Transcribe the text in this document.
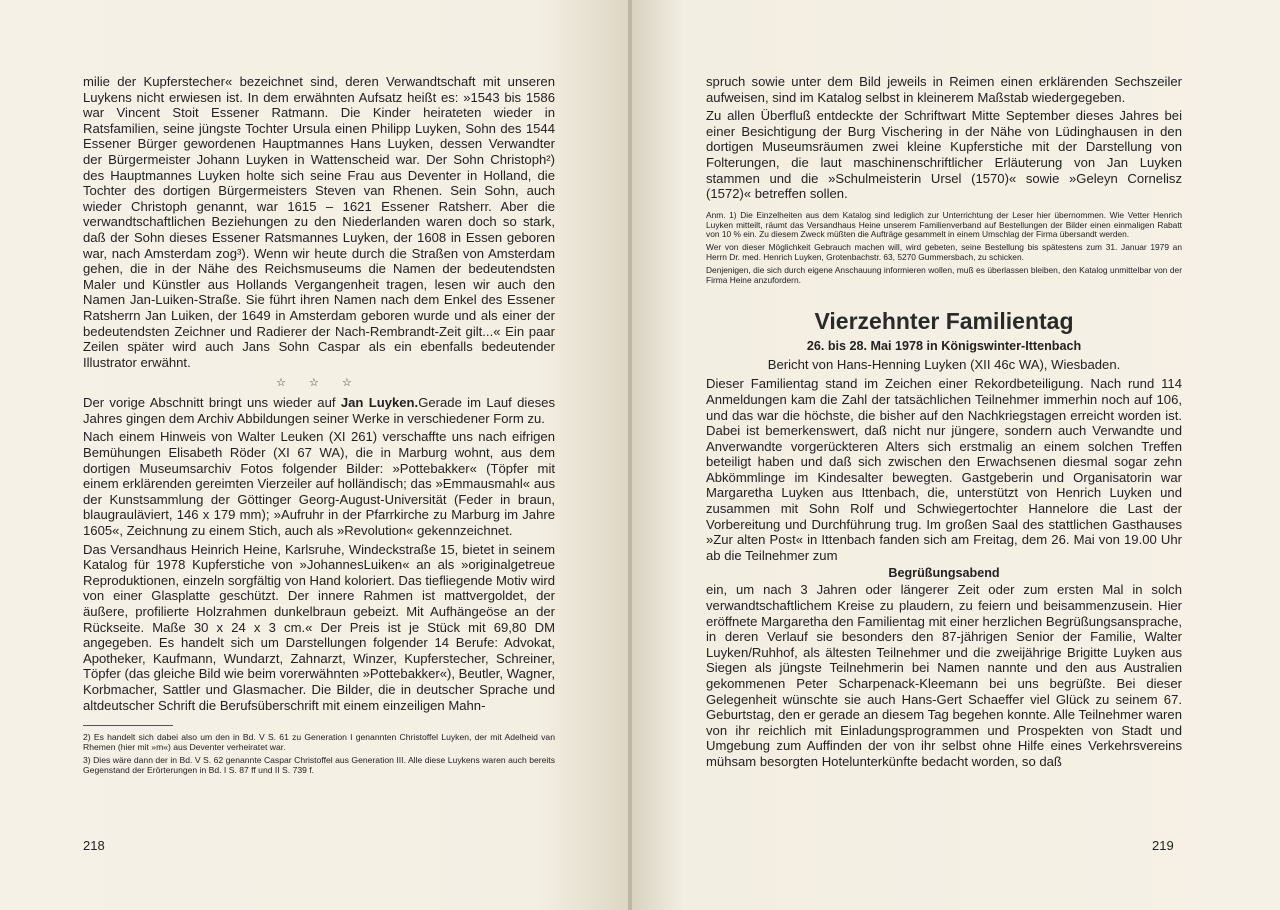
milie der Kupferstecher« bezeichnet sind, deren Verwandtschaft mit unseren Luykens nicht erwiesen ist. In dem erwähnten Aufsatz heißt es: »1543 bis 1586 war Vincent Stoit Essener Ratmann. Die Kinder heirateten wieder in Ratsfamilien, seine jüngste Tochter Ursula einen Philipp Luyken, Sohn des 1544 Essener Bürger gewordenen Hauptmannes Hans Luyken, dessen Verwandter der Bürgermeister Johann Luyken in Wattenscheid war. Der Sohn Christoph²) des Hauptmannes Luyken holte sich seine Frau aus Deventer in Holland, die Tochter des dortigen Bürgermeisters Steven van Rhenen. Sein Sohn, auch wieder Christoph genannt, war 1615 – 1621 Essener Ratsherr. Aber die verwandtschaftlichen Beziehungen zu den Niederlanden waren doch so stark, daß der Sohn dieses Essener Ratsmannes Luyken, der 1608 in Essen geboren war, nach Amsterdam zog³). Wenn wir heute durch die Straßen von Amsterdam gehen, die in der Nähe des Reichsmuseums die Namen der bedeutendsten Maler und Künstler aus Hollands Vergangenheit tragen, lesen wir auch den Namen Jan-Luiken-Straße. Sie führt ihren Namen nach dem Enkel des Essener Ratsherrn Jan Luiken, der 1649 in Amsterdam geboren wurde und als einer der bedeutendsten Zeichner und Radierer der Nach-Rembrandt-Zeit gilt...« Ein paar Zeilen später wird auch Jans Sohn Caspar als ein ebenfalls bedeutender Illustrator erwähnt.

☆ ☆ ☆

Der vorige Abschnitt bringt uns wieder auf Jan Luyken.Gerade im Lauf dieses Jahres gingen dem Archiv Abbildungen seiner Werke in verschiedener Form zu.

Nach einem Hinweis von Walter Leuken (XI 261) verschaffte uns nach eifrigen Bemühungen Elisabeth Röder (XI 67 WA), die in Marburg wohnt, aus dem dortigen Museumsarchiv Fotos folgender Bilder: »Pottebakker« (Töpfer mit einem erklärenden gereimten Vierzeiler auf holländisch; das »Emmausmahl« aus der Kunstsammlung der Göttinger Georg-August-Universität (Feder in braun, blaugrauläviert, 146 x 179 mm); »Aufruhr in der Pfarrkirche zu Marburg im Jahre 1605«, Zeichnung zu einem Stich, auch als »Revolution« gekennzeichnet.

Das Versandhaus Heinrich Heine, Karlsruhe, Windeckstraße 15, bietet in seinem Katalog für 1978 Kupferstiche von »JohannesLuiken« an als »originalgetreue Reproduktionen, einzeln sorgfältig von Hand koloriert. Das tiefliegende Motiv wird von einer Glasplatte geschützt. Der innere Rahmen ist mattvergoldet, der äußere, profilierte Holzrahmen dunkelbraun gebeizt. Mit Aufhängeöse an der Rückseite. Maße 30 x 24 x 3 cm.« Der Preis ist je Stück mit 69,80 DM angegeben. Es handelt sich um Darstellungen folgender 14 Berufe: Advokat, Apotheker, Kaufmann, Wundarzt, Zahnarzt, Winzer, Kupferstecher, Schreiner, Töpfer (das gleiche Bild wie beim vorerwähnten »Pottebakker«), Beutler, Wagner, Korbmacher, Sattler und Glasmacher. Die Bilder, die in deutscher Sprache und altdeutscher Schrift die Berufsüberschrift mit einem einzeiligen Mahn-

2) Es handelt sich dabei also um den in Bd. V S. 61 zu Generation I genannten Christoffel Luyken, der mit Adelheid van Rhemen (hier mit »m«) aus Deventer verheiratet war.

3) Dies wäre dann der in Bd. V S. 62 genannte Caspar Christoffel aus Generation III. Alle diese Luykens waren auch bereits Gegenstand der Erörterungen in Bd. I S. 87 ff und II S. 739 f.

218

spruch sowie unter dem Bild jeweils in Reimen einen erklärenden Sechszeiler aufweisen, sind im Katalog selbst in kleinerem Maßstab wiedergegeben.

Zu allen Überfluß entdeckte der Schriftwart Mitte September dieses Jahres bei einer Besichtigung der Burg Vischering in der Nähe von Lüdinghausen in den dortigen Museumsräumen zwei kleine Kupferstiche mit der Darstellung von Folterungen, die laut maschinenschriftlicher Erläuterung von Jan Luyken stammen und die »Schulmeisterin Ursel (1570)« sowie »Geleyn Cornelisz (1572)« betreffen sollen.

Anm. 1) Die Einzelheiten aus dem Katalog sind lediglich zur Unterrichtung der Leser hier übernommen. Wie Vetter Henrich Luyken mitteilt, räumt das Versandhaus Heine unserem Familienverband auf Bestellungen der Bilder einen einmaligen Rabatt von 10 % ein. Zu diesem Zweck müßten die Aufträge gesammelt in einem Umschlag der Firma übersandt werden.

Wer von dieser Möglichkeit Gebrauch machen will, wird gebeten, seine Bestellung bis spätestens zum 31. Januar 1979 an Herrn Dr. med. Henrich Luyken, Grotenbachstr. 63, 5270 Gummersbach, zu schicken.

Denjenigen, die sich durch eigene Anschauung informieren wollen, muß es überlassen bleiben, den Katalog unmittelbar von der Firma Heine anzufordern.

Vierzehnter Familientag
26. bis 28. Mai 1978 in Königswinter-Ittenbach
Bericht von Hans-Henning Luyken (XII 46c WA), Wiesbaden.

Dieser Familientag stand im Zeichen einer Rekordbeteiligung. Nach rund 114 Anmeldungen kam die Zahl der tatsächlichen Teilnehmer immerhin noch auf 106, und das war die höchste, die bisher auf den Nachkriegstagen erreicht worden ist. Dabei ist bemerkenswert, daß nicht nur jüngere, sondern auch Verwandte und Anverwandte vorgerückteren Alters sich erstmalig an einem solchen Treffen beteiligt haben und daß sich zwischen den Erwachsenen diesmal sogar zehn Abkömmlinge im Kindesalter bewegten. Gastgeberin und Organisatorin war Margaretha Luyken aus Ittenbach, die, unterstützt von Henrich Luyken und zusammen mit Sohn Rolf und Schwiegertochter Hannelore die Last der Vorbereitung und Durchführung trug. Im großen Saal des stattlichen Gasthauses »Zur alten Post« in Ittenbach fanden sich am Freitag, dem 26. Mai von 19.00 Uhr ab die Teilnehmer zum

Begrüßungsabend

ein, um nach 3 Jahren oder längerer Zeit oder zum ersten Mal in solch verwandtschaftlichem Kreise zu plaudern, zu feiern und beisammenzusein. Hier eröffnete Margaretha den Familientag mit einer herzlichen Begrüßungsansprache, in deren Verlauf sie besonders den 87-jährigen Senior der Familie, Walter Luyken/Ruhhof, als ältesten Teilnehmer und die zweijährige Brigitte Luyken aus Siegen als jüngste Teilnehmerin bei Namen nannte und den aus Australien gekommenen Peter Scharpenack-Kleemann bei uns begrüßte. Bei dieser Gelegenheit wünschte sie auch Hans-Gert Schaeffer viel Glück zu seinem 67. Geburtstag, den er gerade an diesem Tag begehen konnte. Alle Teilnehmer waren von ihr reichlich mit Einladungsprogrammen und Prospekten von Stadt und Umgebung zum Auffinden der von ihr selbst ohne Hilfe eines Verkehrsvereins mühsam besorgten Hotelunterkünfte bedacht worden, so daß

219
